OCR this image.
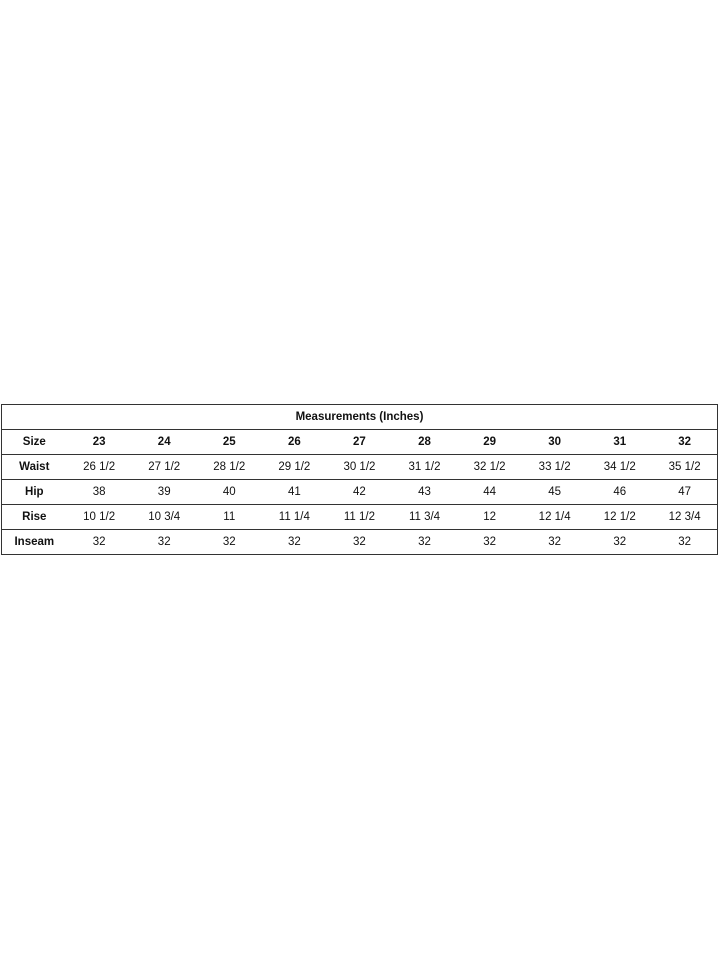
Measurements (Inches)										
Size	23	24	25	26	27	28	29	30	31	32
Waist	26 1/2	27 1/2	28 1/2	29 1/2	30 1/2	31 1/2	32 1/2	33 1/2	34 1/2	35 1/2
Hip	38	39	40	41	42	43	44	45	46	47
Rise	10 1/2	10 3/4	11	11 1/4	11 1/2	11 3/4	12	12 1/4	12 1/2	12 3/4
Inseam	32	32	32	32	32	32	32	32	32	32
